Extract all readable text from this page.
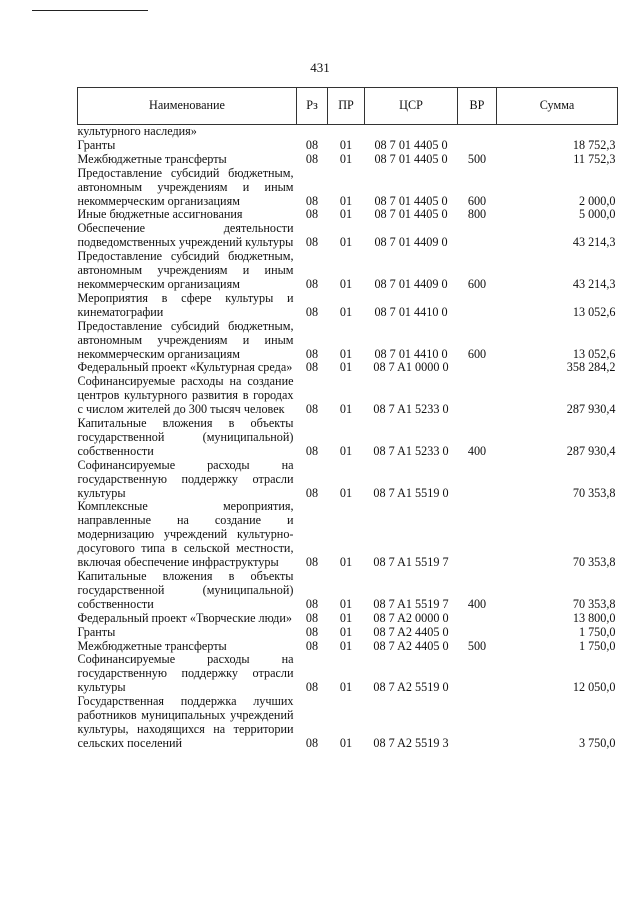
431
Наименование	Рз	ПР	ЦСР	ВР	Сумма
культурного наследия»					
Гранты	08	01	08 7 01 4405 0		18 752,3
Межбюджетные трансферты	08	01	08 7 01 4405 0	500	11 752,3
Предоставление субсидий бюджетным, автономным учреждениям и иным некоммерческим организациям	08	01	08 7 01 4405 0	600	2 000,0
Иные бюджетные ассигнования	08	01	08 7 01 4405 0	800	5 000,0
Обеспечение деятельности подведомственных учреждений культуры	08	01	08 7 01 4409 0		43 214,3
Предоставление субсидий бюджетным, автономным учреждениям и иным некоммерческим организациям	08	01	08 7 01 4409 0	600	43 214,3
Мероприятия в сфере культуры и кинематографии	08	01	08 7 01 4410 0		13 052,6
Предоставление субсидий бюджетным, автономным учреждениям и иным некоммерческим организациям	08	01	08 7 01 4410 0	600	13 052,6
Федеральный проект «Культурная среда»	08	01	08 7 A1 0000 0		358 284,2
Софинансируемые расходы на создание центров культурного развития в городах с числом жителей до 300 тысяч человек	08	01	08 7 A1 5233 0		287 930,4
Капитальные вложения в объекты государственной (муниципальной) собственности	08	01	08 7 A1 5233 0	400	287 930,4
Софинансируемые расходы на государственную поддержку отрасли культуры	08	01	08 7 A1 5519 0		70 353,8
Комплексные мероприятия, направленные на создание и модернизацию учреждений культурно-досугового типа в сельской местности, включая обеспечение инфраструктуры	08	01	08 7 A1 5519 7		70 353,8
Капитальные вложения в объекты государственной (муниципальной) собственности	08	01	08 7 A1 5519 7	400	70 353,8
Федеральный проект «Творческие люди»	08	01	08 7 A2 0000 0		13 800,0
Гранты	08	01	08 7 A2 4405 0		1 750,0
Межбюджетные трансферты	08	01	08 7 A2 4405 0	500	1 750,0
Софинансируемые расходы на государственную поддержку отрасли культуры	08	01	08 7 A2 5519 0		12 050,0
Государственная поддержка лучших работников муниципальных учреждений культуры, находящихся на территории сельских поселений	08	01	08 7 A2 5519 3		3 750,0
